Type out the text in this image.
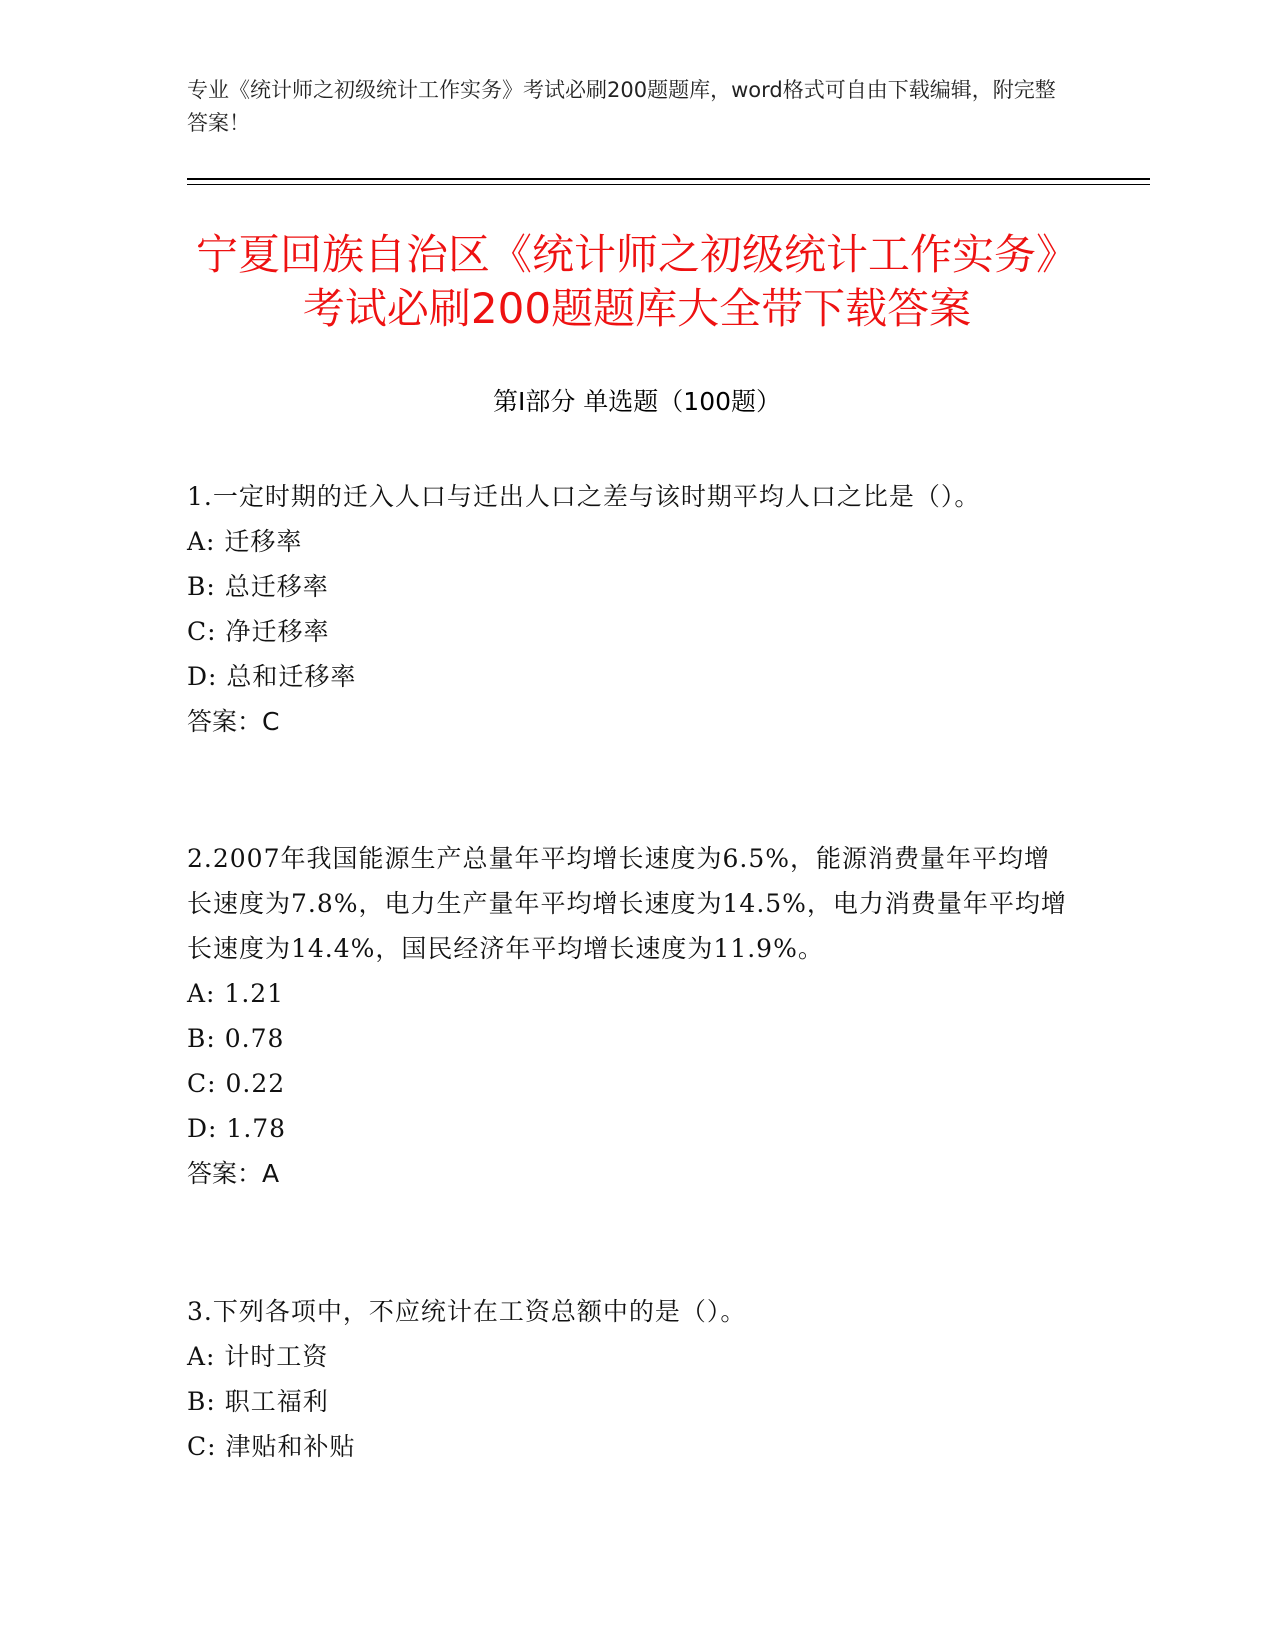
专业《统计师之初级统计工作实务》考试必刷200题题库，word格式可自由下载编辑，附完整答案！
宁夏回族自治区《统计师之初级统计工作实务》考试必刷200题题库大全带下载答案
第Ⅰ部分 单选题（100题）
1.一定时期的迁入人口与迁出人口之差与该时期平均人口之比是（）。
A: 迁移率
B: 总迁移率
C: 净迁移率
D: 总和迁移率
答案：C
2.2007年我国能源生产总量年平均增长速度为6.5%，能源消费量年平均增长速度为7.8%，电力生产量年平均增长速度为14.5%，电力消费量年平均增长速度为14.4%，国民经济年平均增长速度为11.9%。
A: 1.21
B: 0.78
C: 0.22
D: 1.78
答案：A
3.下列各项中，不应统计在工资总额中的是（）。
A: 计时工资
B: 职工福利
C: 津贴和补贴
